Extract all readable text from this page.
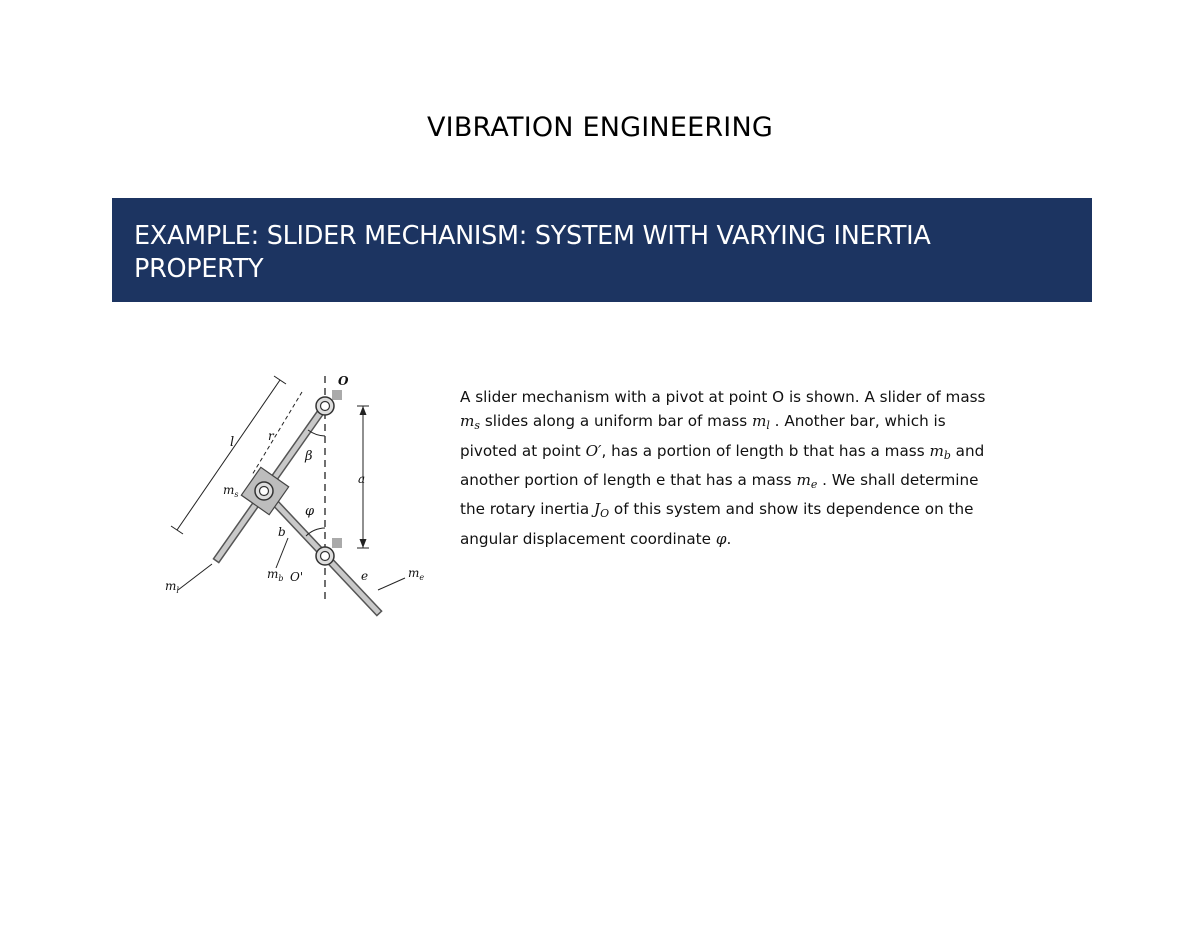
VIBRATION ENGINEERING
EXAMPLE: SLIDER MECHANISM: SYSTEM WITH VARYING INERTIA
PROPERTY
O
O'
l	r
a
b
e
β
φ
$m_s$
$m_l$
$m_b$	$m_e$
A slider mechanism with a pivot at point O is shown. A slider of mass $m_s$ slides along a uniform bar of mass $m_l$ . Another bar, which is pivoted at point O′, has a portion of length b that has a mass $m_b$ and another portion of length e that has a mass $m_e$ . We shall determine the rotary inertia $J_O$ of this system and show its dependence on the angular displacement coordinate φ.
